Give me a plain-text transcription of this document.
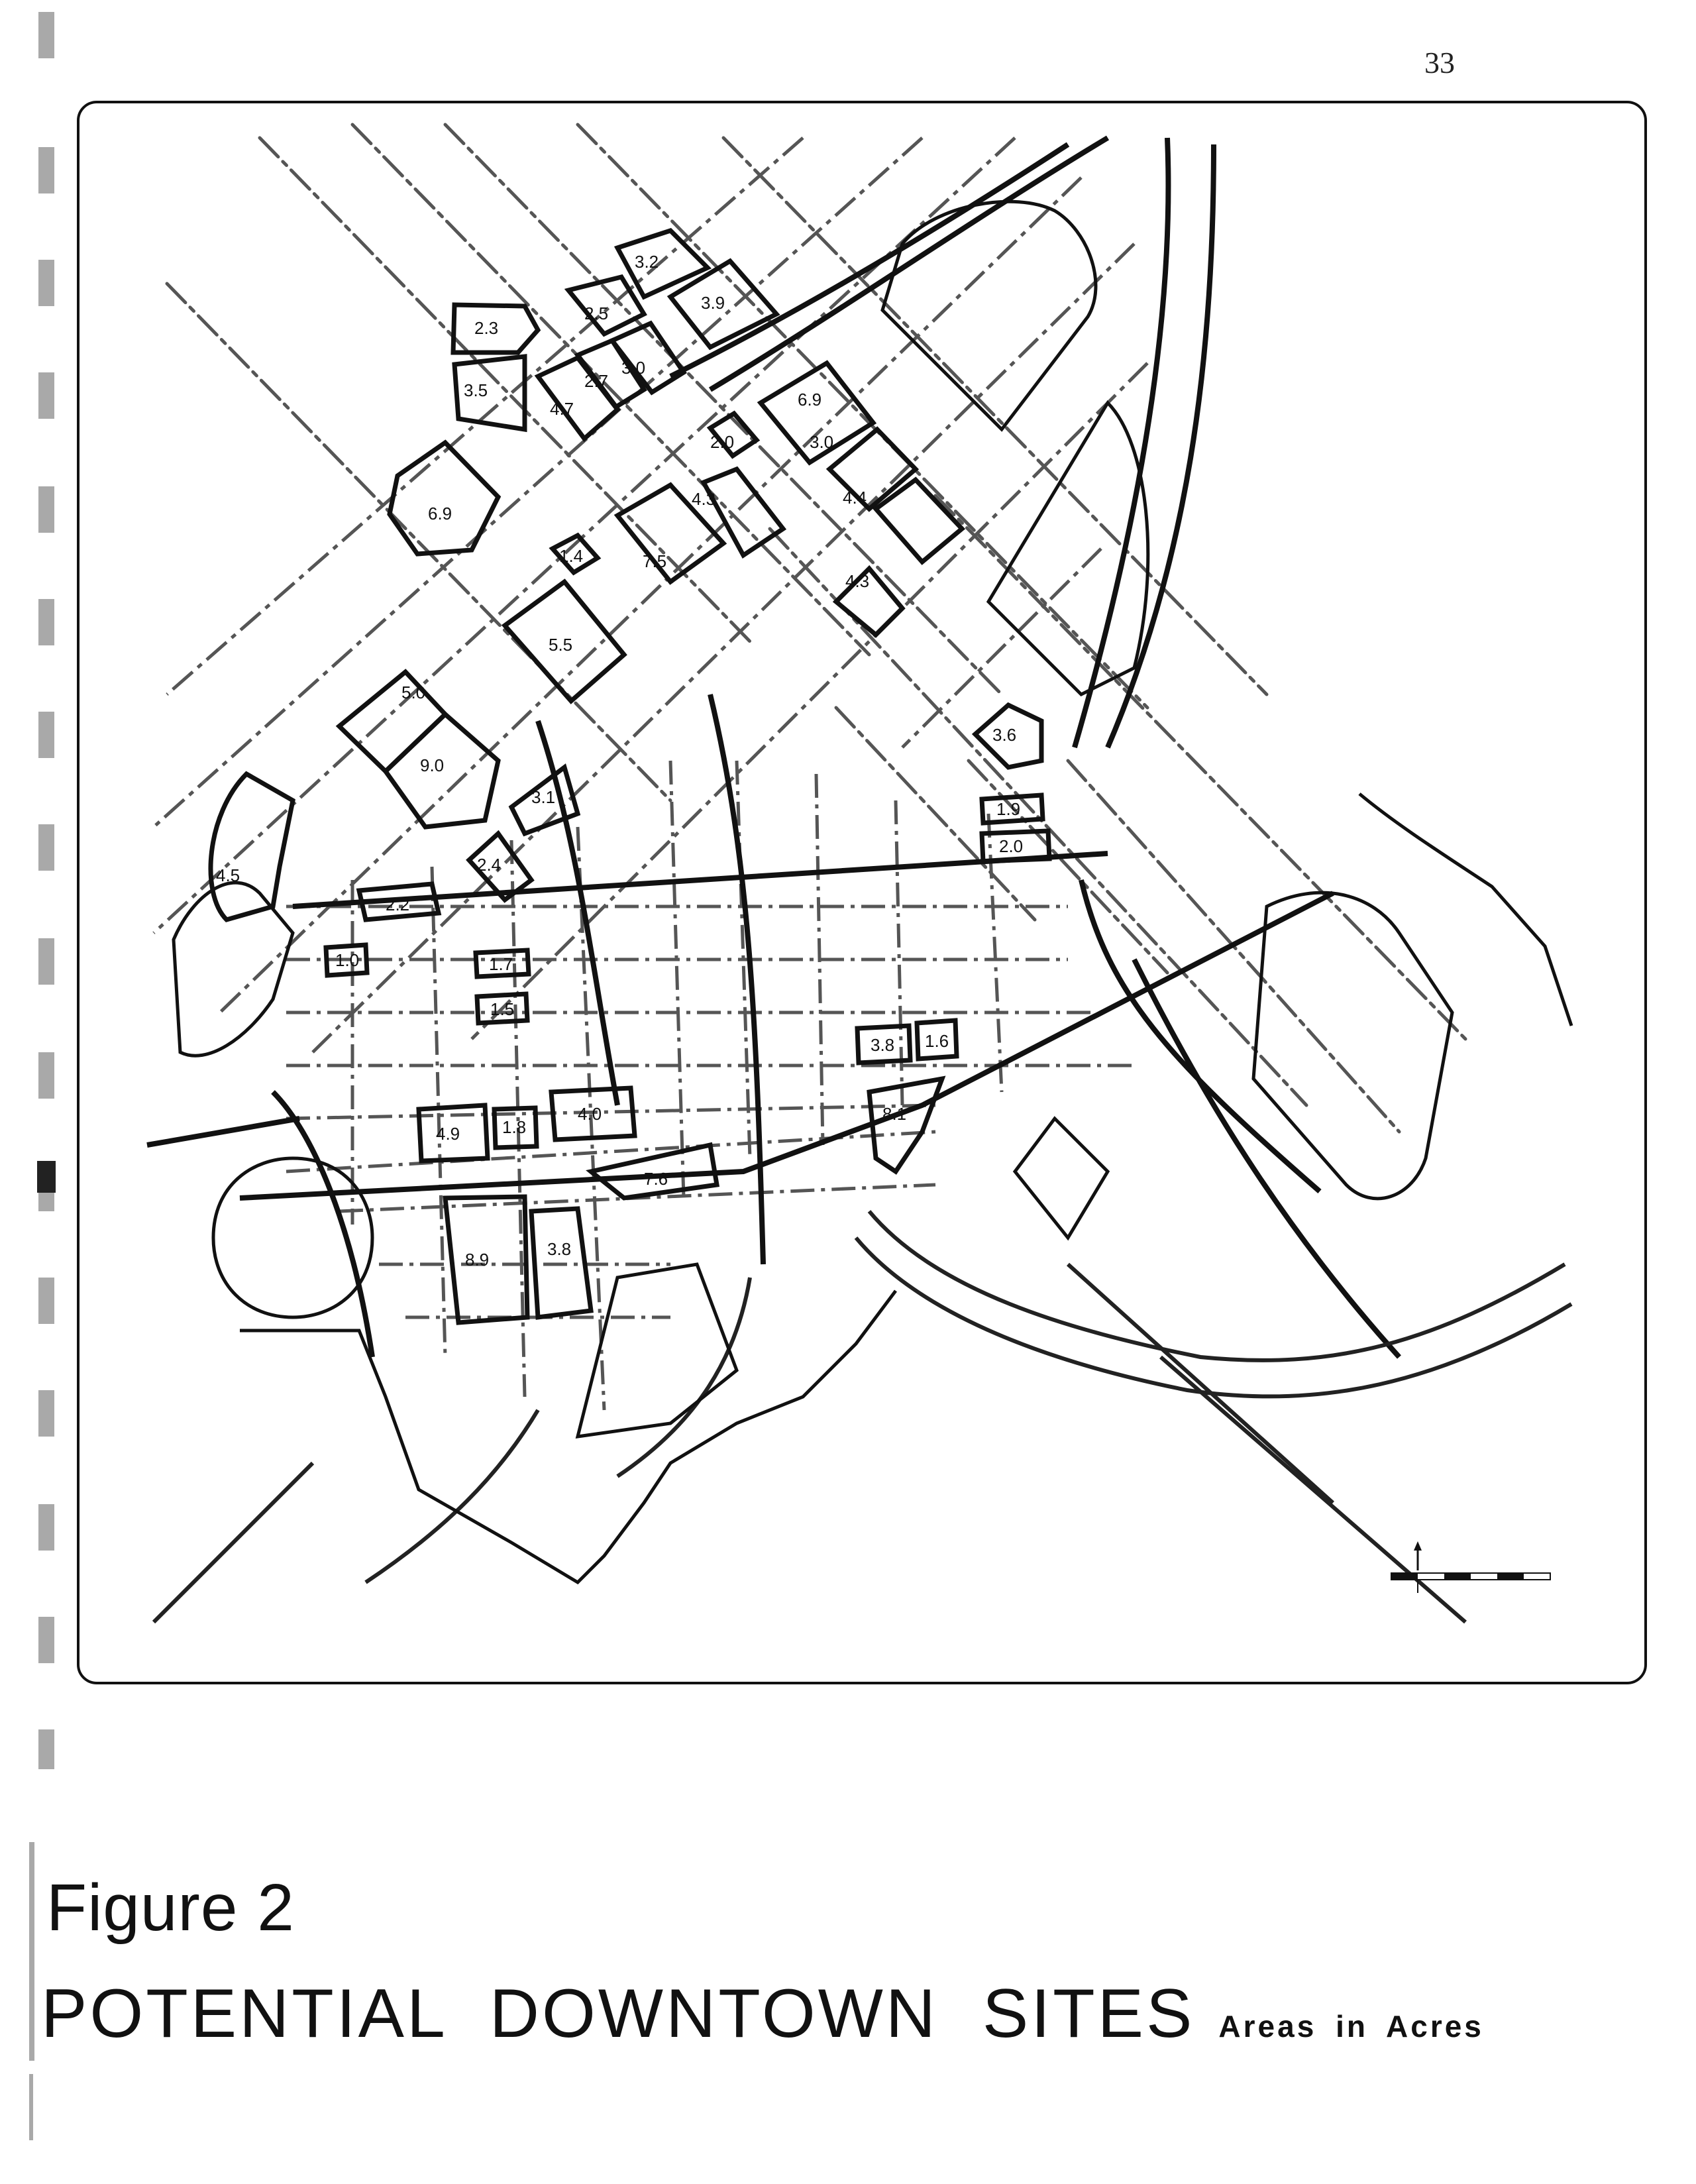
33
3.2
3.9
2.5
2.3
3.0
2.7
3.5
4.7	6.9
2.0	3.0
6.9
4.4
4.3
1.4	7.5
4.3
5.5
5.0
9.0
3.6
3.1
1.9
2.0
4.5
2.4
2.2
1.0	1.7
1.5
3.8 1.6
4.9 1.8
4.0	8.1
7.6
8.9
3.8
Figure 2
POTENTIAL DOWNTOWN SITES Areas in Acres
